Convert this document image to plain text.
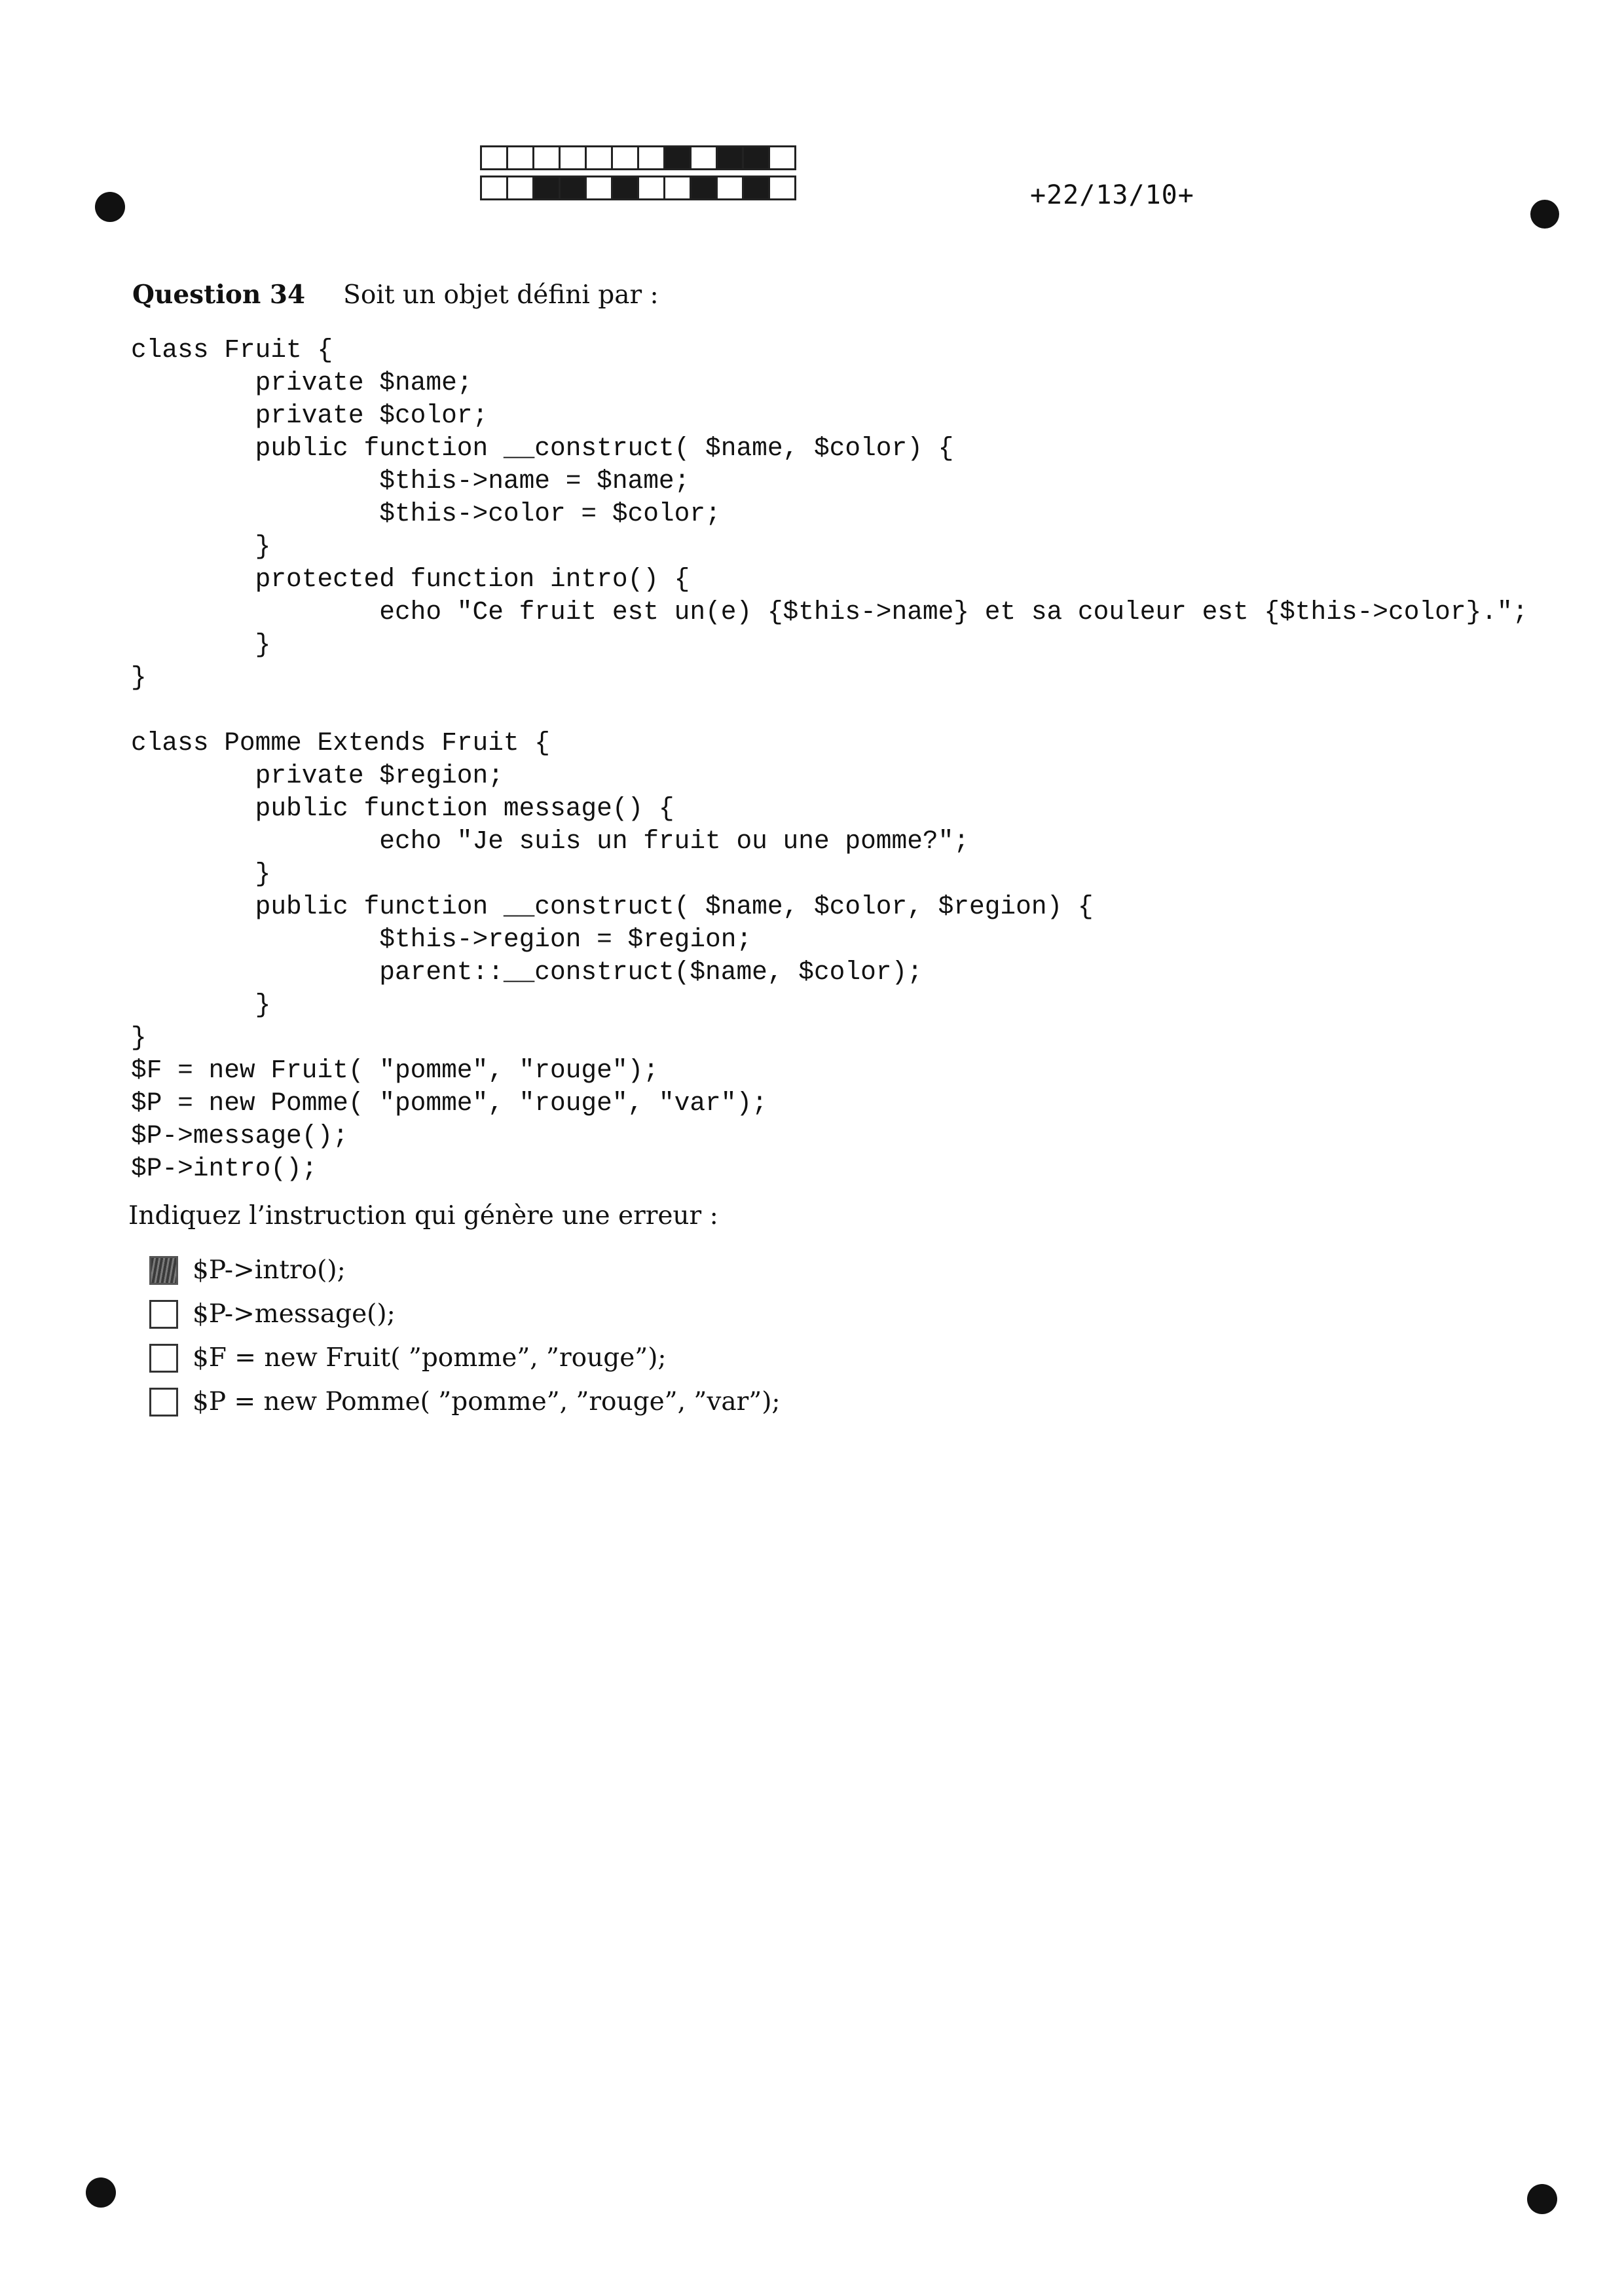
+22/13/10+
Question 34 Soit un objet défini par :
class Fruit {
private $name;
private $color;
public function __construct( $name, $color) {
$this->name = $name;
$this->color = $color;
}
protected function intro() {
echo "Ce fruit est un(e) {$this->name} et sa couleur est {$this->color}.";
}
}

class Pomme Extends Fruit {
private $region;
public function message() {
echo "Je suis un fruit ou une pomme?";
}
public function __construct( $name, $color, $region) {
$this->region = $region;
parent::__construct($name, $color);
}
}
$F = new Fruit( "pomme", "rouge");
$P = new Pomme( "pomme", "rouge", "var");
$P->message();
$P->intro();
Indiquez l’instruction qui génère une erreur :
$P->intro();
$P->message();
$F = new Fruit( ”pomme”, ”rouge”);
$P = new Pomme( ”pomme”, ”rouge”, ”var”);
